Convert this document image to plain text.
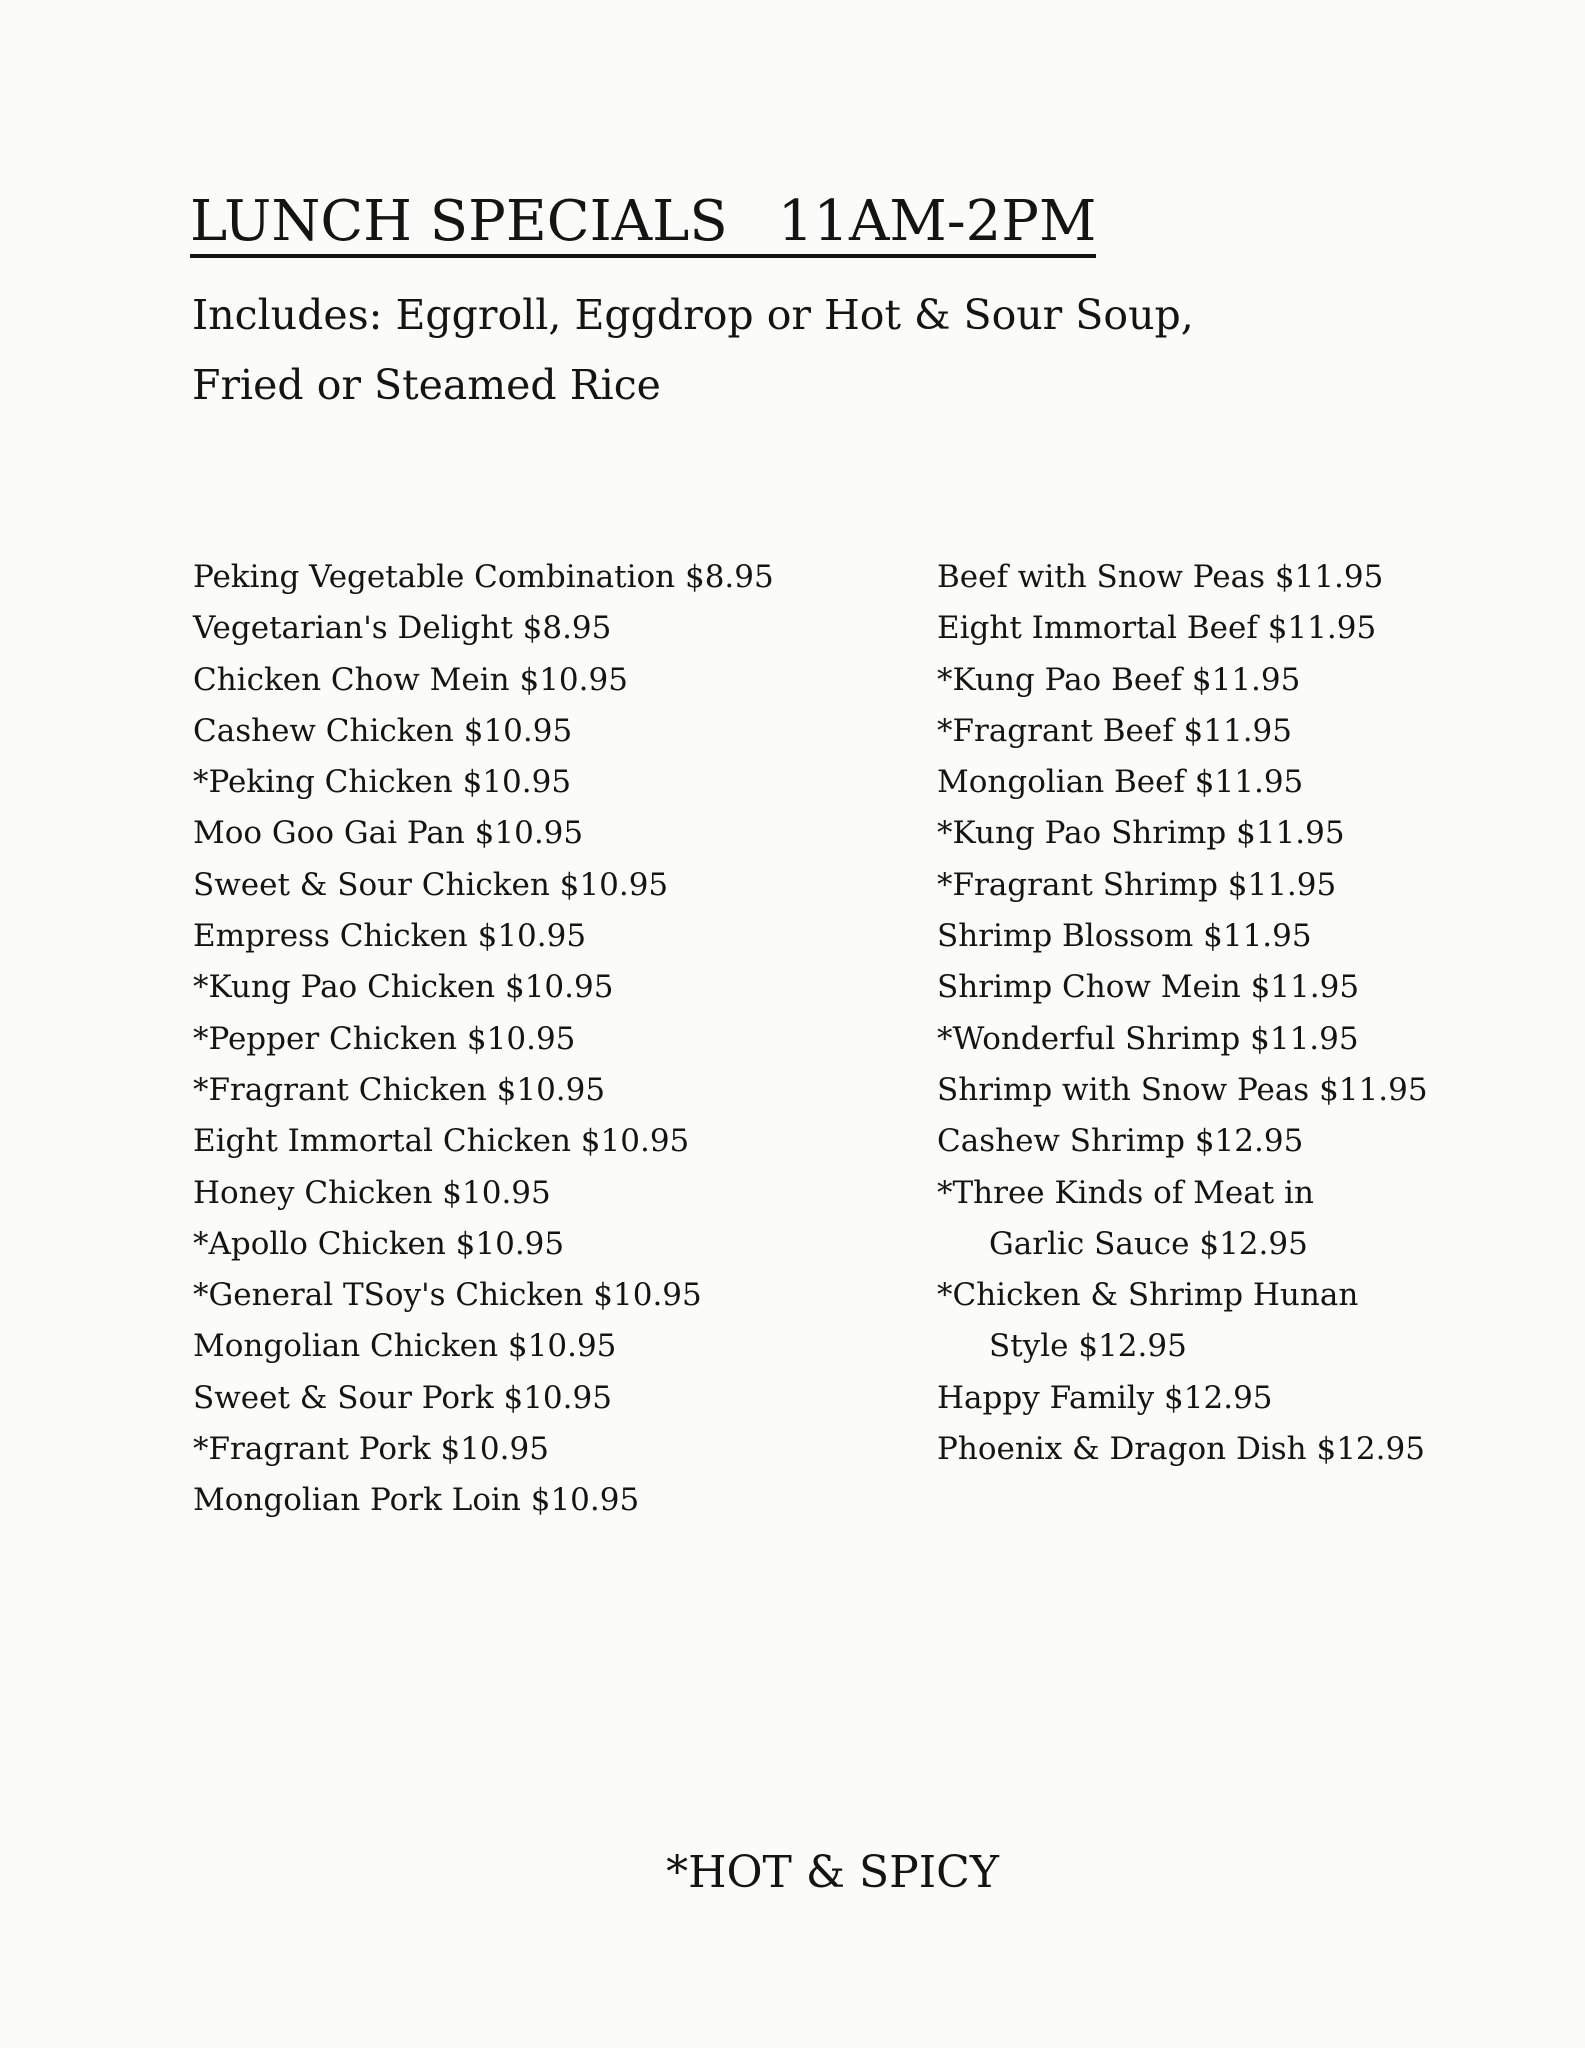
LUNCH SPECIALS 11AM-2PM
Includes: Eggroll, Eggdrop or Hot & Sour Soup,
Fried or Steamed Rice
Peking Vegetable Combination $8.95
Vegetarian's Delight $8.95
Chicken Chow Mein $10.95
Cashew Chicken $10.95
*Peking Chicken $10.95
Moo Goo Gai Pan $10.95
Sweet & Sour Chicken $10.95
Empress Chicken $10.95
*Kung Pao Chicken $10.95
*Pepper Chicken $10.95
*Fragrant Chicken $10.95
Eight Immortal Chicken $10.95
Honey Chicken $10.95
*Apollo Chicken $10.95
*General TSoy's Chicken $10.95
Mongolian Chicken $10.95
Sweet & Sour Pork $10.95
*Fragrant Pork $10.95
Mongolian Pork Loin $10.95
Beef with Snow Peas $11.95
Eight Immortal Beef $11.95
*Kung Pao Beef $11.95
*Fragrant Beef $11.95
Mongolian Beef $11.95
*Kung Pao Shrimp $11.95
*Fragrant Shrimp $11.95
Shrimp Blossom $11.95
Shrimp Chow Mein $11.95
*Wonderful Shrimp $11.95
Shrimp with Snow Peas $11.95
Cashew Shrimp $12.95
*Three Kinds of Meat in
Garlic Sauce $12.95
*Chicken & Shrimp Hunan
Style $12.95
Happy Family $12.95
Phoenix & Dragon Dish $12.95
*HOT & SPICY
